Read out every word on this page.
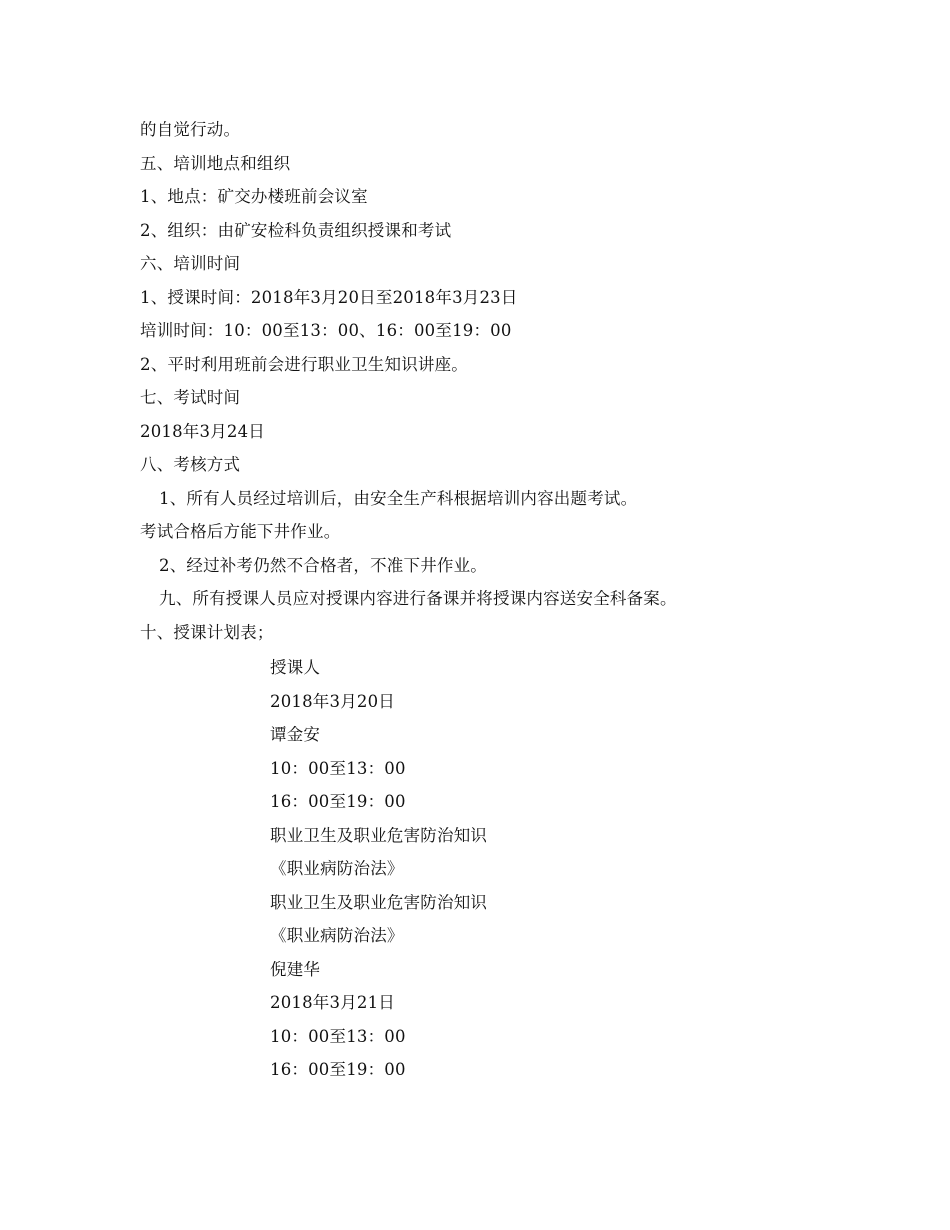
的自觉行动。
五、培训地点和组织
1、地点：矿交办楼班前会议室
2、组织：由矿安检科负责组织授课和考试
六、培训时间
1、授课时间：2018年3月20日至2018年3月23日
培训时间：10：00至13：00、16：00至19：00
2、平时利用班前会进行职业卫生知识讲座。
七、考试时间
2018年3月24日
八、考核方式
1、所有人员经过培训后，由安全生产科根据培训内容出题考试。
考试合格后方能下井作业。
2、经过补考仍然不合格者，不准下井作业。
九、所有授课人员应对授课内容进行备课并将授课内容送安全科备案。
十、授课计划表；
授课人
2018年3月20日
谭金安
10：00至13：00
16：00至19：00
职业卫生及职业危害防治知识
《职业病防治法》
职业卫生及职业危害防治知识
《职业病防治法》
倪建华
2018年3月21日
10：00至13：00
16：00至19：00
